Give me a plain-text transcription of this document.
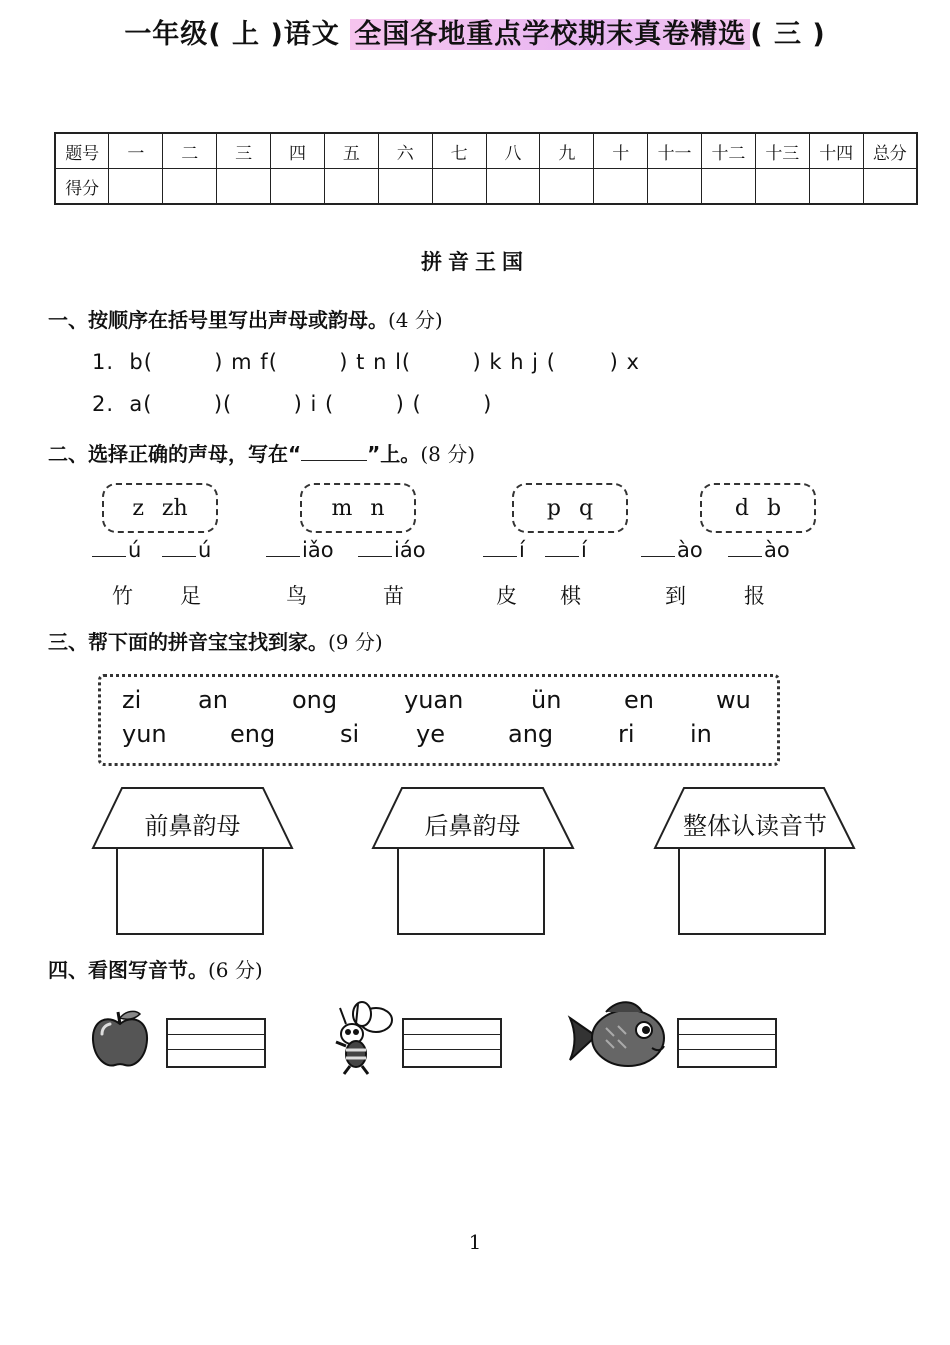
一年级( 上 )语文 全国各地重点学校期末真卷精选 ( 三 )
题号	一	二	三	四	五	六	七	八	九	十	十一	十二	十三	十四	总分
得分															
拼音王国
一、按顺序在括号里写出声母或韵母。(4 分)
1.  b(        ) m f(        ) t n l(        ) k h j (       ) x
2.  a(        )(        ) i (        ) (        )
二、选择正确的声母，写在“	”上。(8 分)
z zh
ú	ú
竹 足
m n
iǎo	iáo
鸟	苗
p q
í	í
皮 棋
d b
ào	ào
到	报
三、帮下面的拼音宝宝找到家。(9 分)
zi an	ong	yuan	ün	en	wu
yun	eng	si ye	ang	ri in
前鼻韵母	后鼻韵母	整体认读音节
四、看图写音节。(6 分)
1
